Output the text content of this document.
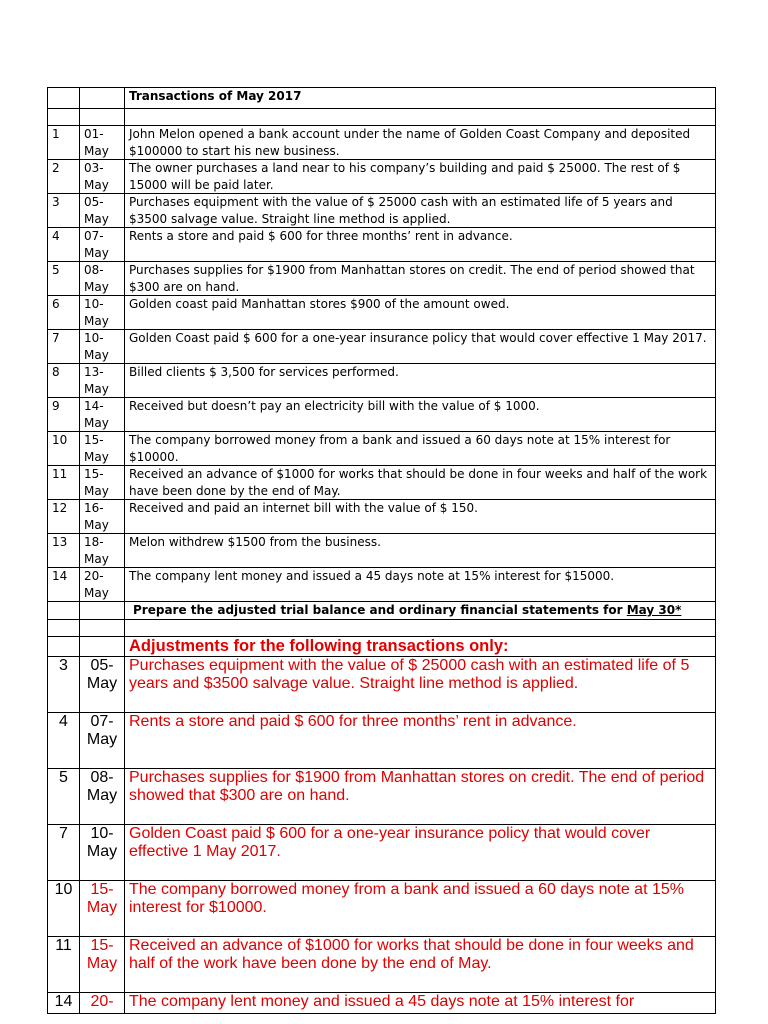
		Transactions of May 2017

1	01-May	John Melon opened a bank account under the name of Golden Coast Company and deposited $100000 to start his new business.
2	03-May	The owner purchases a land near to his company’s building and paid $ 25000. The rest of $ 15000 will be paid later.
3	05-May	Purchases equipment with the value of $ 25000 cash with an estimated life of 5 years and $3500 salvage value. Straight line method is applied.
4	07-May	Rents a store and paid $ 600 for three months’ rent in advance.
5	08-May	Purchases supplies for $1900 from Manhattan stores on credit. The end of period showed that $300 are on hand.
6	10-May	Golden coast paid Manhattan stores $900 of the amount owed.
7	10-May	Golden Coast paid $ 600 for a one-year insurance policy that would cover effective 1 May 2017.
8	13-May	Billed clients $ 3,500 for services performed.
9	14-May	Received but doesn’t pay an electricity bill with the value of $ 1000.
10	15-May	The company borrowed money from a bank and issued a 60 days note at 15% interest for $10000.
11	15-May	Received an advance of $1000 for works that should be done in four weeks and half of the work have been done by the end of May.
12	16-May	Received and paid an internet bill with the value of $ 150.
13	18-May	Melon withdrew $1500 from the business.
14	20-May	The company lent money and issued a 45 days note at 15% interest for $15000.
		Prepare the adjusted trial balance and ordinary financial statements for May 30*

		Adjustments for the following transactions only:
3	05-May	Purchases equipment with the value of $ 25000 cash with an estimated life of 5 years and $3500 salvage value. Straight line method is applied.
4	07-May	Rents a store and paid $ 600 for three months’ rent in advance.
5	08-May	Purchases supplies for $1900 from Manhattan stores on credit. The end of period showed that $300 are on hand.
7	10-May	Golden Coast paid $ 600 for a one-year insurance policy that would cover effective 1 May 2017.
10	15-May	The company borrowed money from a bank and issued a 60 days note at 15% interest for $10000.
11	15-May	Received an advance of $1000 for works that should be done in four weeks and half of the work have been done by the end of May.
14	20-	The company lent money and issued a 45 days note at 15% interest for
